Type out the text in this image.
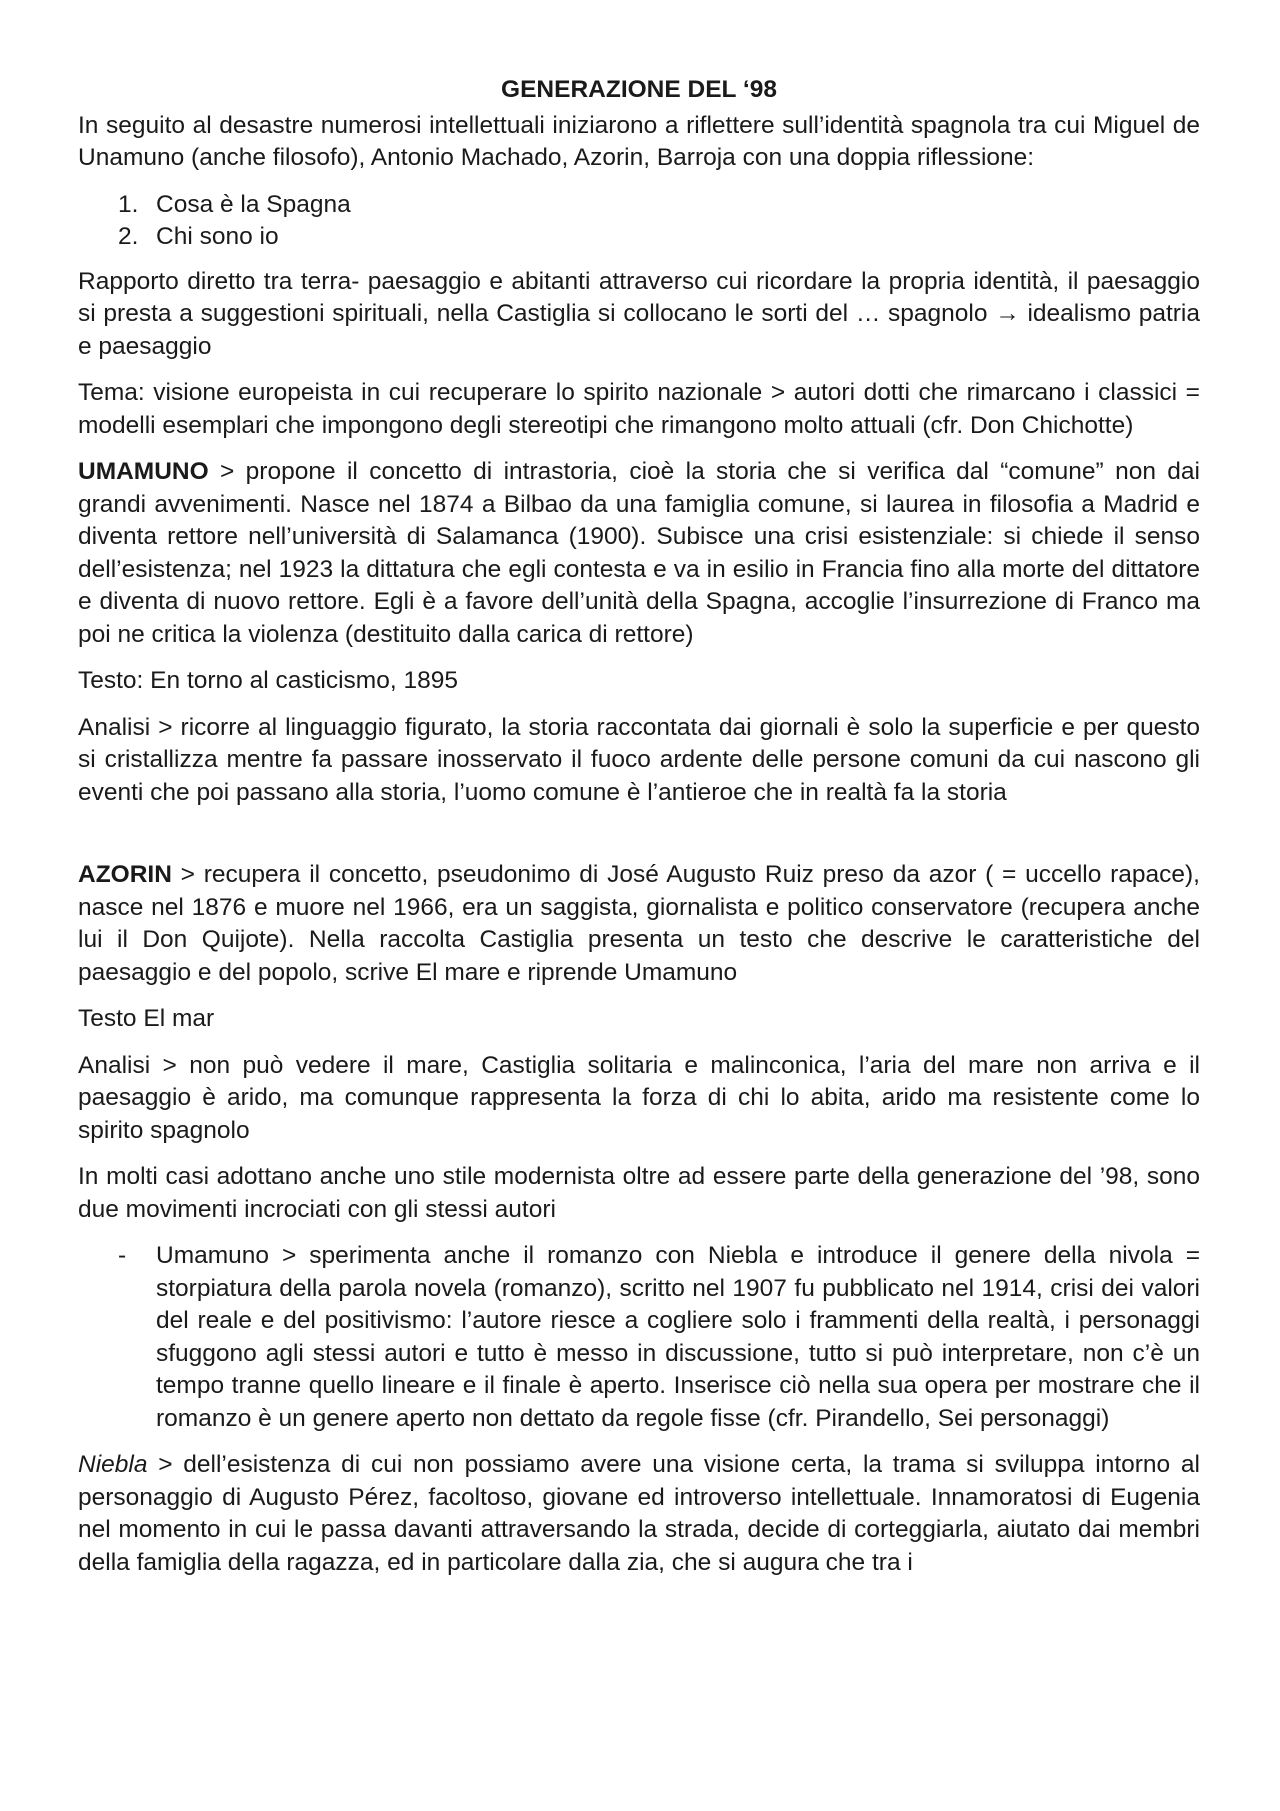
GENERAZIONE DEL ‘98

In seguito al desastre numerosi intellettuali iniziarono a riflettere sull’identità spagnola tra cui Miguel de Unamuno (anche filosofo), Antonio Machado, Azorin, Barroja con una doppia riflessione:

1. Cosa è la Spagna
2. Chi sono io

Rapporto diretto tra terra- paesaggio e abitanti attraverso cui ricordare la propria identità, il paesaggio si presta a suggestioni spirituali, nella Castiglia si collocano le sorti del … spagnolo → idealismo patria e paesaggio

Tema: visione europeista in cui recuperare lo spirito nazionale > autori dotti che rimarcano i classici = modelli esemplari che impongono degli stereotipi che rimangono molto attuali (cfr. Don Chichotte)

UMAMUNO > propone il concetto di intrastoria, cioè la storia che si verifica dal “comune” non dai grandi avvenimenti. Nasce nel 1874 a Bilbao da una famiglia comune, si laurea in filosofia a Madrid e diventa rettore nell’università di Salamanca (1900). Subisce una crisi esistenziale: si chiede il senso dell’esistenza; nel 1923 la dittatura che egli contesta e va in esilio in Francia fino alla morte del dittatore e diventa di nuovo rettore. Egli è a favore dell’unità della Spagna, accoglie l’insurrezione di Franco ma poi ne critica la violenza (destituito dalla carica di rettore)

Testo: En torno al casticismo, 1895

Analisi > ricorre al linguaggio figurato, la storia raccontata dai giornali è solo la superficie e per questo si cristallizza mentre fa passare inosservato il fuoco ardente delle persone comuni da cui nascono gli eventi che poi passano alla storia, l’uomo comune è l’antieroe che in realtà fa la storia

AZORIN > recupera il concetto, pseudonimo di José Augusto Ruiz preso da azor ( = uccello rapace), nasce nel 1876 e muore nel 1966, era un saggista, giornalista e politico conservatore (recupera anche lui il Don Quijote). Nella raccolta Castiglia presenta un testo che descrive le caratteristiche del paesaggio e del popolo, scrive El mare e riprende Umamuno

Testo El mar

Analisi > non può vedere il mare, Castiglia solitaria e malinconica, l’aria del mare non arriva e il paesaggio è arido, ma comunque rappresenta la forza di chi lo abita, arido ma resistente come lo spirito spagnolo

In molti casi adottano anche uno stile modernista oltre ad essere parte della generazione del ’98, sono due movimenti incrociati con gli stessi autori

- Umamuno > sperimenta anche il romanzo con Niebla e introduce il genere della nivola = storpiatura della parola novela (romanzo), scritto nel 1907 fu pubblicato nel 1914, crisi dei valori del reale e del positivismo: l’autore riesce a cogliere solo i frammenti della realtà, i personaggi sfuggono agli stessi autori e tutto è messo in discussione, tutto si può interpretare, non c’è un tempo tranne quello lineare e il finale è aperto. Inserisce ciò nella sua opera per mostrare che il romanzo è un genere aperto non dettato da regole fisse (cfr. Pirandello, Sei personaggi)

Niebla > dell’esistenza di cui non possiamo avere una visione certa, la trama si sviluppa intorno al personaggio di Augusto Pérez, facoltoso, giovane ed introverso intellettuale. Innamoratosi di Eugenia nel momento in cui le passa davanti attraversando la strada, decide di corteggiarla, aiutato dai membri della famiglia della ragazza, ed in particolare dalla zia, che si augura che tra i
